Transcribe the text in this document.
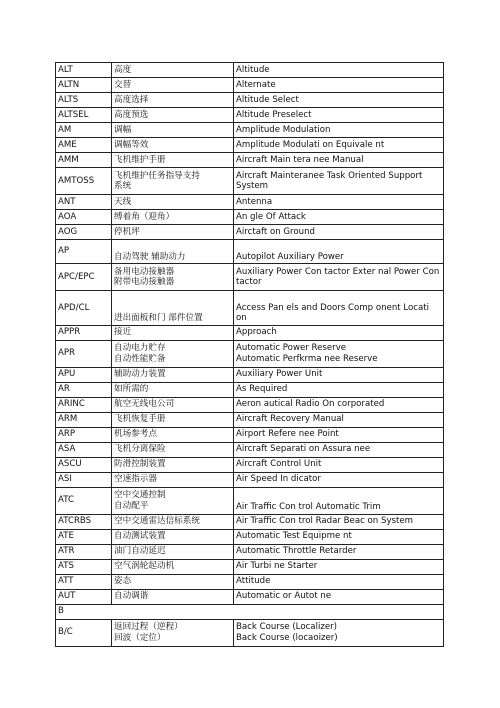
ALT	高度	Altitude

ALTN	交替	Alternate

ALTS	高度选择	Altitude Select

ALTSEL	高度预选	Altitude Preselect

AM	调幅	Amplitude Modulation

AME	调幅等效	Amplitude Modulati on Equivale nt

AMM	飞机维护手册	Aircraft Main tera nee Manual

AMTOSS	飞机维护任务指导支持
系统	Aircraft Mainteranee Task Oriented Support
System

ANT	天线	Antenna

AOA	缚着角（迎角）	An gle Of Attack

AOG	停机坪	Airctaft on Ground

AP	自动驾驶 辅助动力	Autopilot Auxiliary Power

APC/EPC	备用电动接触器
附带电动接触器	Auxiliary Power Con tactor Exter nal Power Con
tactor

APD/CL	进出面板和门 部件位置	Access Pan els and Doors Comp onent Locati on

APPR	接近	Approach

APR	自动电力贮存
自动性能贮备	Automatic Power Reserve
Automatic Perfkrma nee Reserve

APU	辅助动力装置	Auxiliary Power Unit

AR	如所需的	As Required

ARINC	航空无线电公司	Aeron autical Radio On corporated

ARM	飞机恢复手册	Aircraft Recovery Manual

ARP	机场参考点	Airport Refere nee Point

ASA	飞机分离保险	Aircraft Separati on Assura nee

ASCU	防滑控制装置	Aircraft Control Unit

ASI	空速指示器	Air Speed In dicator

ATC	空中交通控制
自动配平	Air Traffic Con trol Automatic Trim

ATCRBS	空中交通雷达信标系统	Air Traffic Con trol Radar Beac on System

ATE	自动测试装置	Automatic Test Equipme nt

ATR	油门自动延迟	Automatic Throttle Retarder

ATS	空气涡轮起动机	Air Turbi ne Starter

ATT	姿态	Attitude

AUT	自动调谐	Automatic or Autot ne

B		
B/C	返回过程（逆程）
回波（定位）	Back Course (Localizer)
Back Course (locaoizer)
